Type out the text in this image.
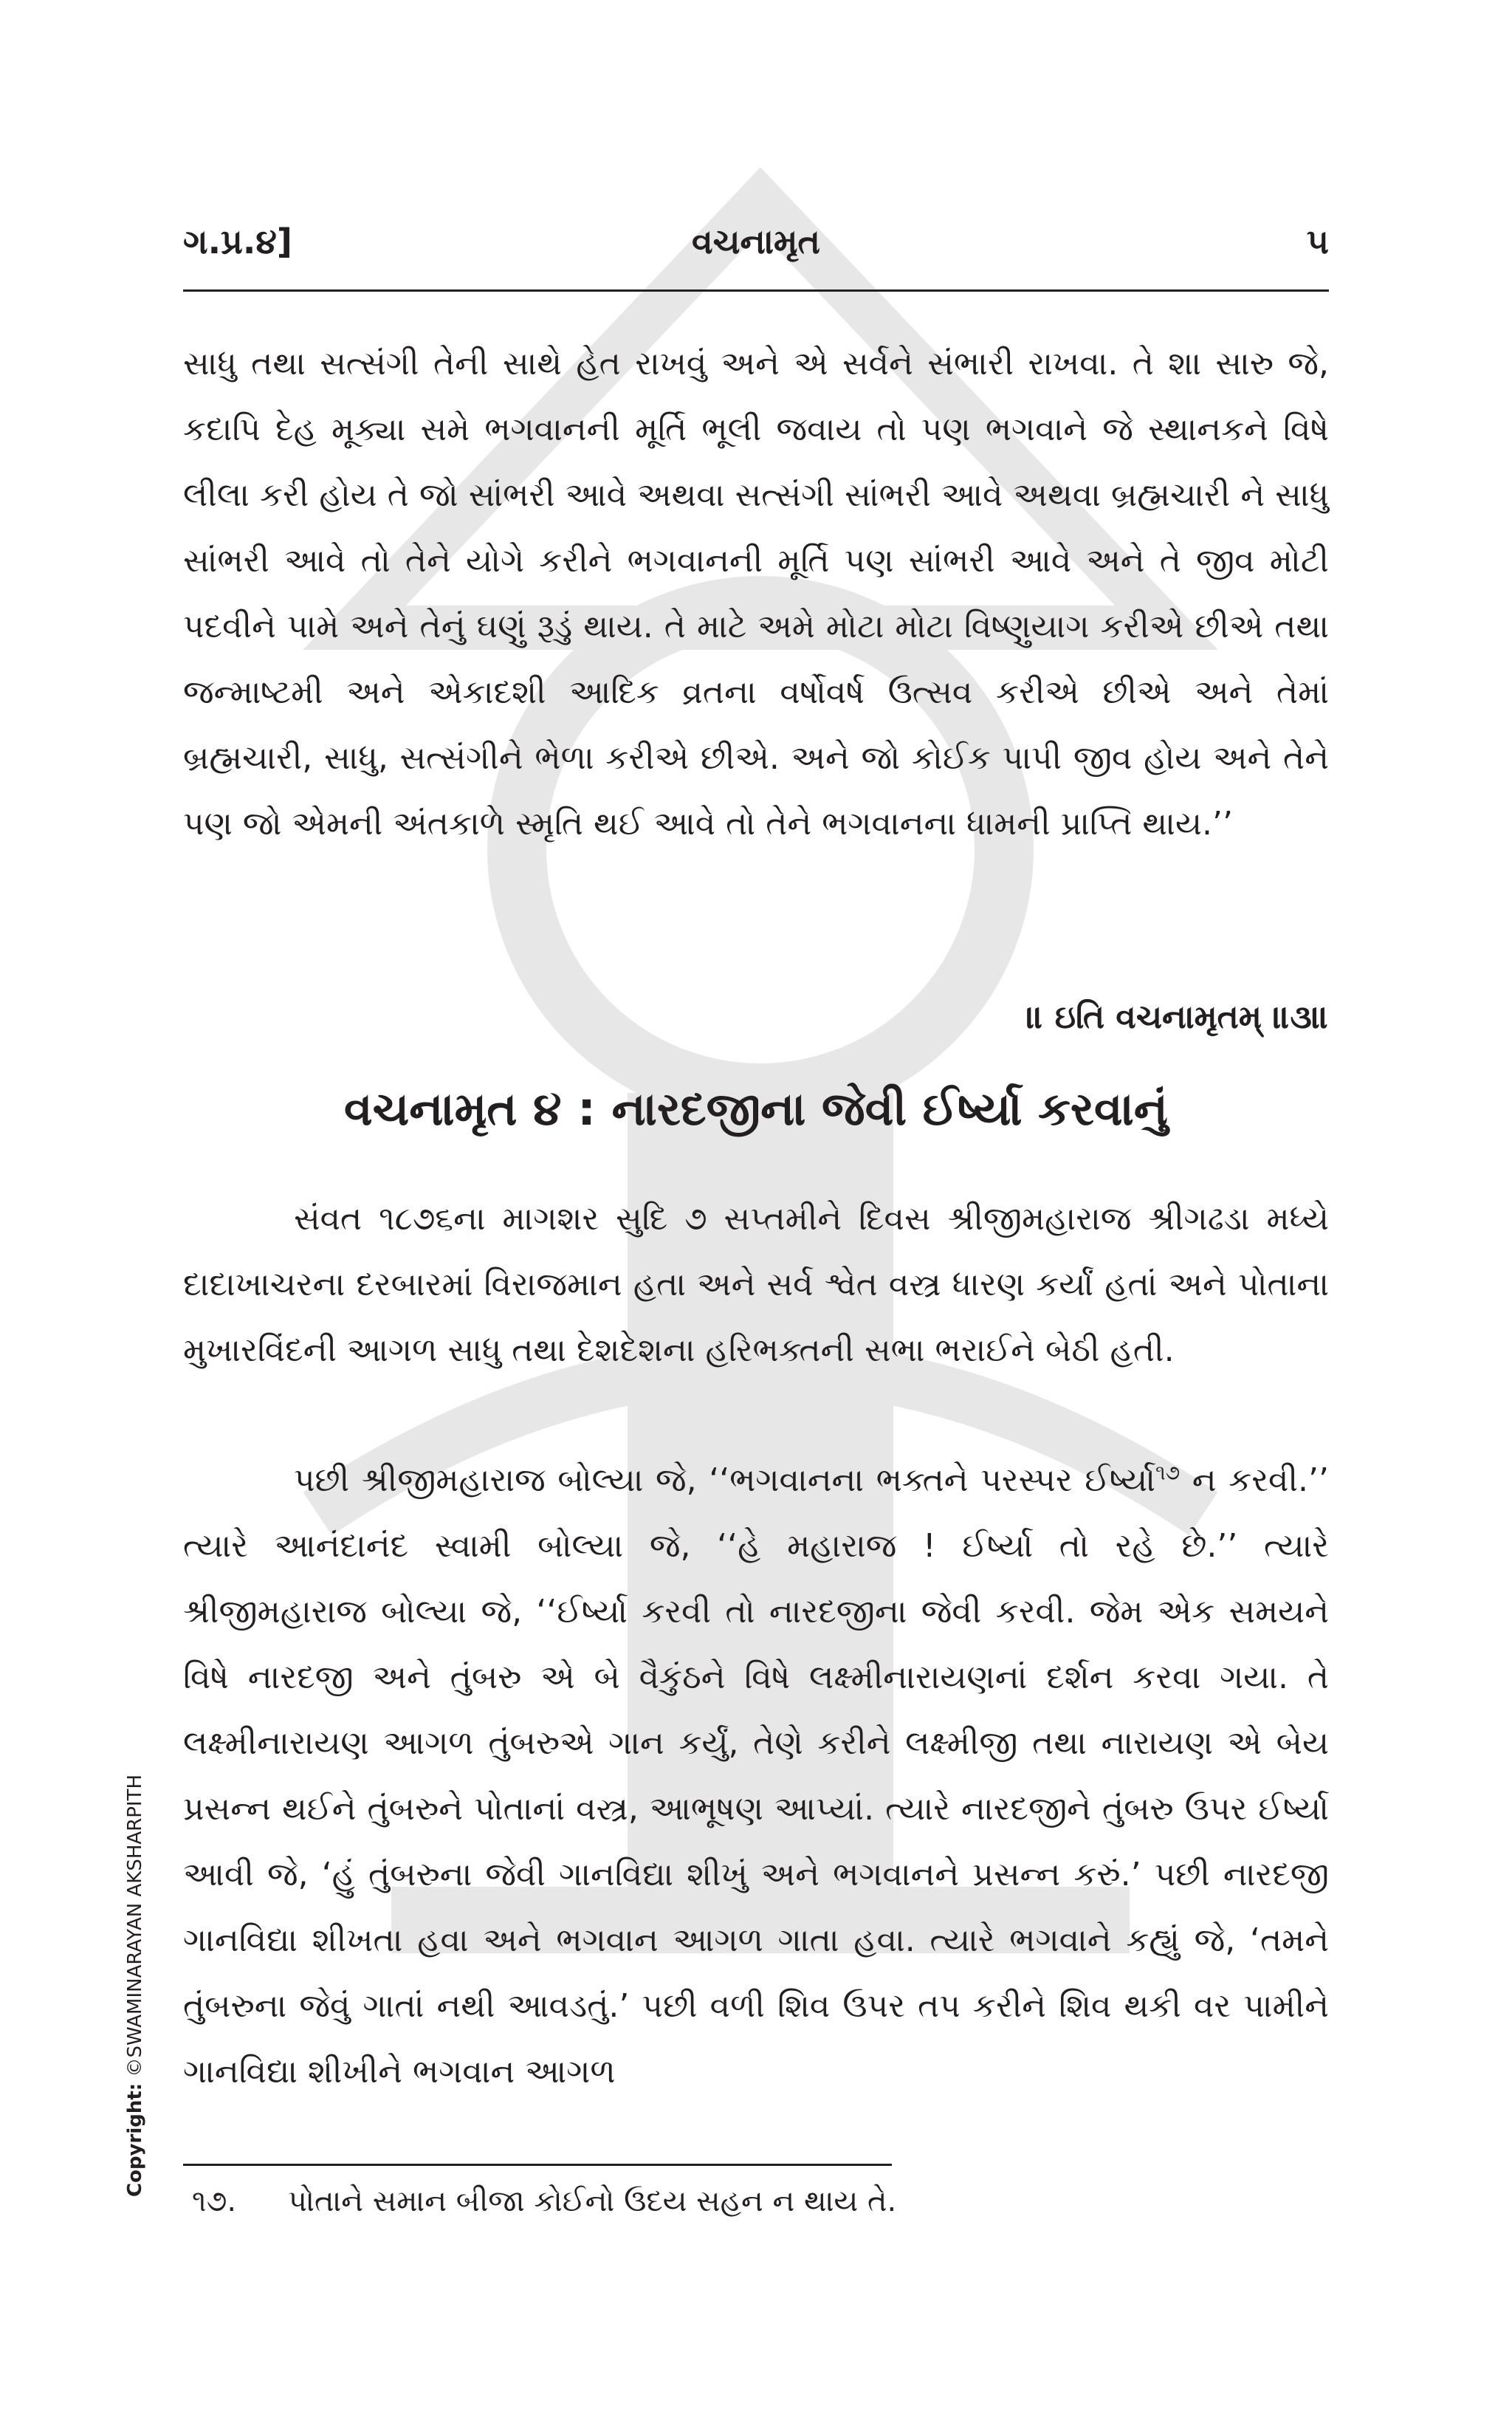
ગ.પ્ર.૪]	વચનામૃત	૫

સાધુ તથા સત્સંગી તેની સાથે હેત રાખવું અને એ સર્વને સંભારી રાખવા. તે શા સારુ જે, કદાપિ દેહ મૂક્યા સમે ભગવાનની મૂર્તિ ભૂલી જવાય તો પણ ભગવાને જે સ્થાનકને વિષે લીલા કરી હોય તે જો સાંભરી આવે અથવા સત્સંગી સાંભરી આવે અથવા બ્રહ્મચારી ને સાધુ સાંભરી આવે તો તેને યોગે કરીને ભગવાનની મૂર્તિ પણ સાંભરી આવે અને તે જીવ મોટી પદવીને પામે અને તેનું ઘણું રૂડું થાય. તે માટે અમે મોટા મોટા વિષ્ણુયાગ કરીએ છીએ તથા જન્માષ્ટમી અને એકાદશી આદિક વ્રતના વર્ષોવર્ષ ઉત્સવ કરીએ છીએ અને તેમાં બ્રહ્મચારી, સાધુ, સત્સંગીને ભેળા કરીએ છીએ. અને જો કોઈક પાપી જીવ હોય અને તેને પણ જો એમની અંતકાળે સ્મૃતિ થઈ આવે તો તેને ભગવાનના ધામની પ્રાપ્તિ થાય.’’

॥ ઇતિ વચનામૃતમ્ ॥૩॥
વચનામૃત ૪ : નારદજીના જેવી ઈર્ષ્યા કરવાનું

સંવત ૧૮૭૬ના માગશર સુદિ ૭ સપ્તમીને દિવસ શ્રીજીમહારાજ શ્રીગઢડા મધ્યે દાદાખાચરના દરબારમાં વિરાજમાન હતા અને સર્વ શ્વેત વસ્ત્ર ધારણ કર્યાં હતાં અને પોતાના મુખારવિંદની આગળ સાધુ તથા દેશદેશના હરિભક્તની સભા ભરાઈને બેઠી હતી.

પછી શ્રીજીમહારાજ બોલ્યા જે, ‘‘ભગવાનના ભક્તને પરસ્પર ઈર્ષ્યા$^{૧૭}$ ન કરવી.’’ ત્યારે આનંદાનંદ સ્વામી બોલ્યા જે, ‘‘હે મહારાજ ! ઈર્ષ્યા તો રહે છે.’’ ત્યારે શ્રીજીમહારાજ બોલ્યા જે, ‘‘ઈર્ષ્યા કરવી તો નારદજીના જેવી કરવી. જેમ એક સમયને વિષે નારદજી અને તુંબરુ એ બે વૈકુંઠને વિષે લક્ષ્મીનારાયણનાં દર્શન કરવા ગયા. તે લક્ષ્મીનારાયણ આગળ તુંબરુએ ગાન કર્યું, તેણે કરીને લક્ષ્મીજી તથા નારાયણ એ બેય પ્રસન્ન થઈને તુંબરુને પોતાનાં વસ્ત્ર, આભૂષણ આપ્યાં. ત્યારે નારદજીને તુંબરુ ઉપર ઈર્ષ્યા આવી જે, ‘હું તુંબરુના જેવી ગાનવિદ્યા શીખું અને ભગવાનને પ્રસન્ન કરું.’ પછી નારદજી ગાનવિદ્યા શીખતા હવા અને ભગવાન આગળ ગાતા હવા. ત્યારે ભગવાને કહ્યું જે, ‘તમને તુંબરુના જેવું ગાતાં નથી આવડતું.’ પછી વળી શિવ ઉપર તપ કરીને શિવ થકી વર પામીને ગાનવિદ્યા શીખીને ભગવાન આગળ

૧૭. પોતાને સમાન બીજા કોઈનો ઉદય સહન ન થાય તે.
Copyright: ©SWAMINARAYAN AKSHARPITH
